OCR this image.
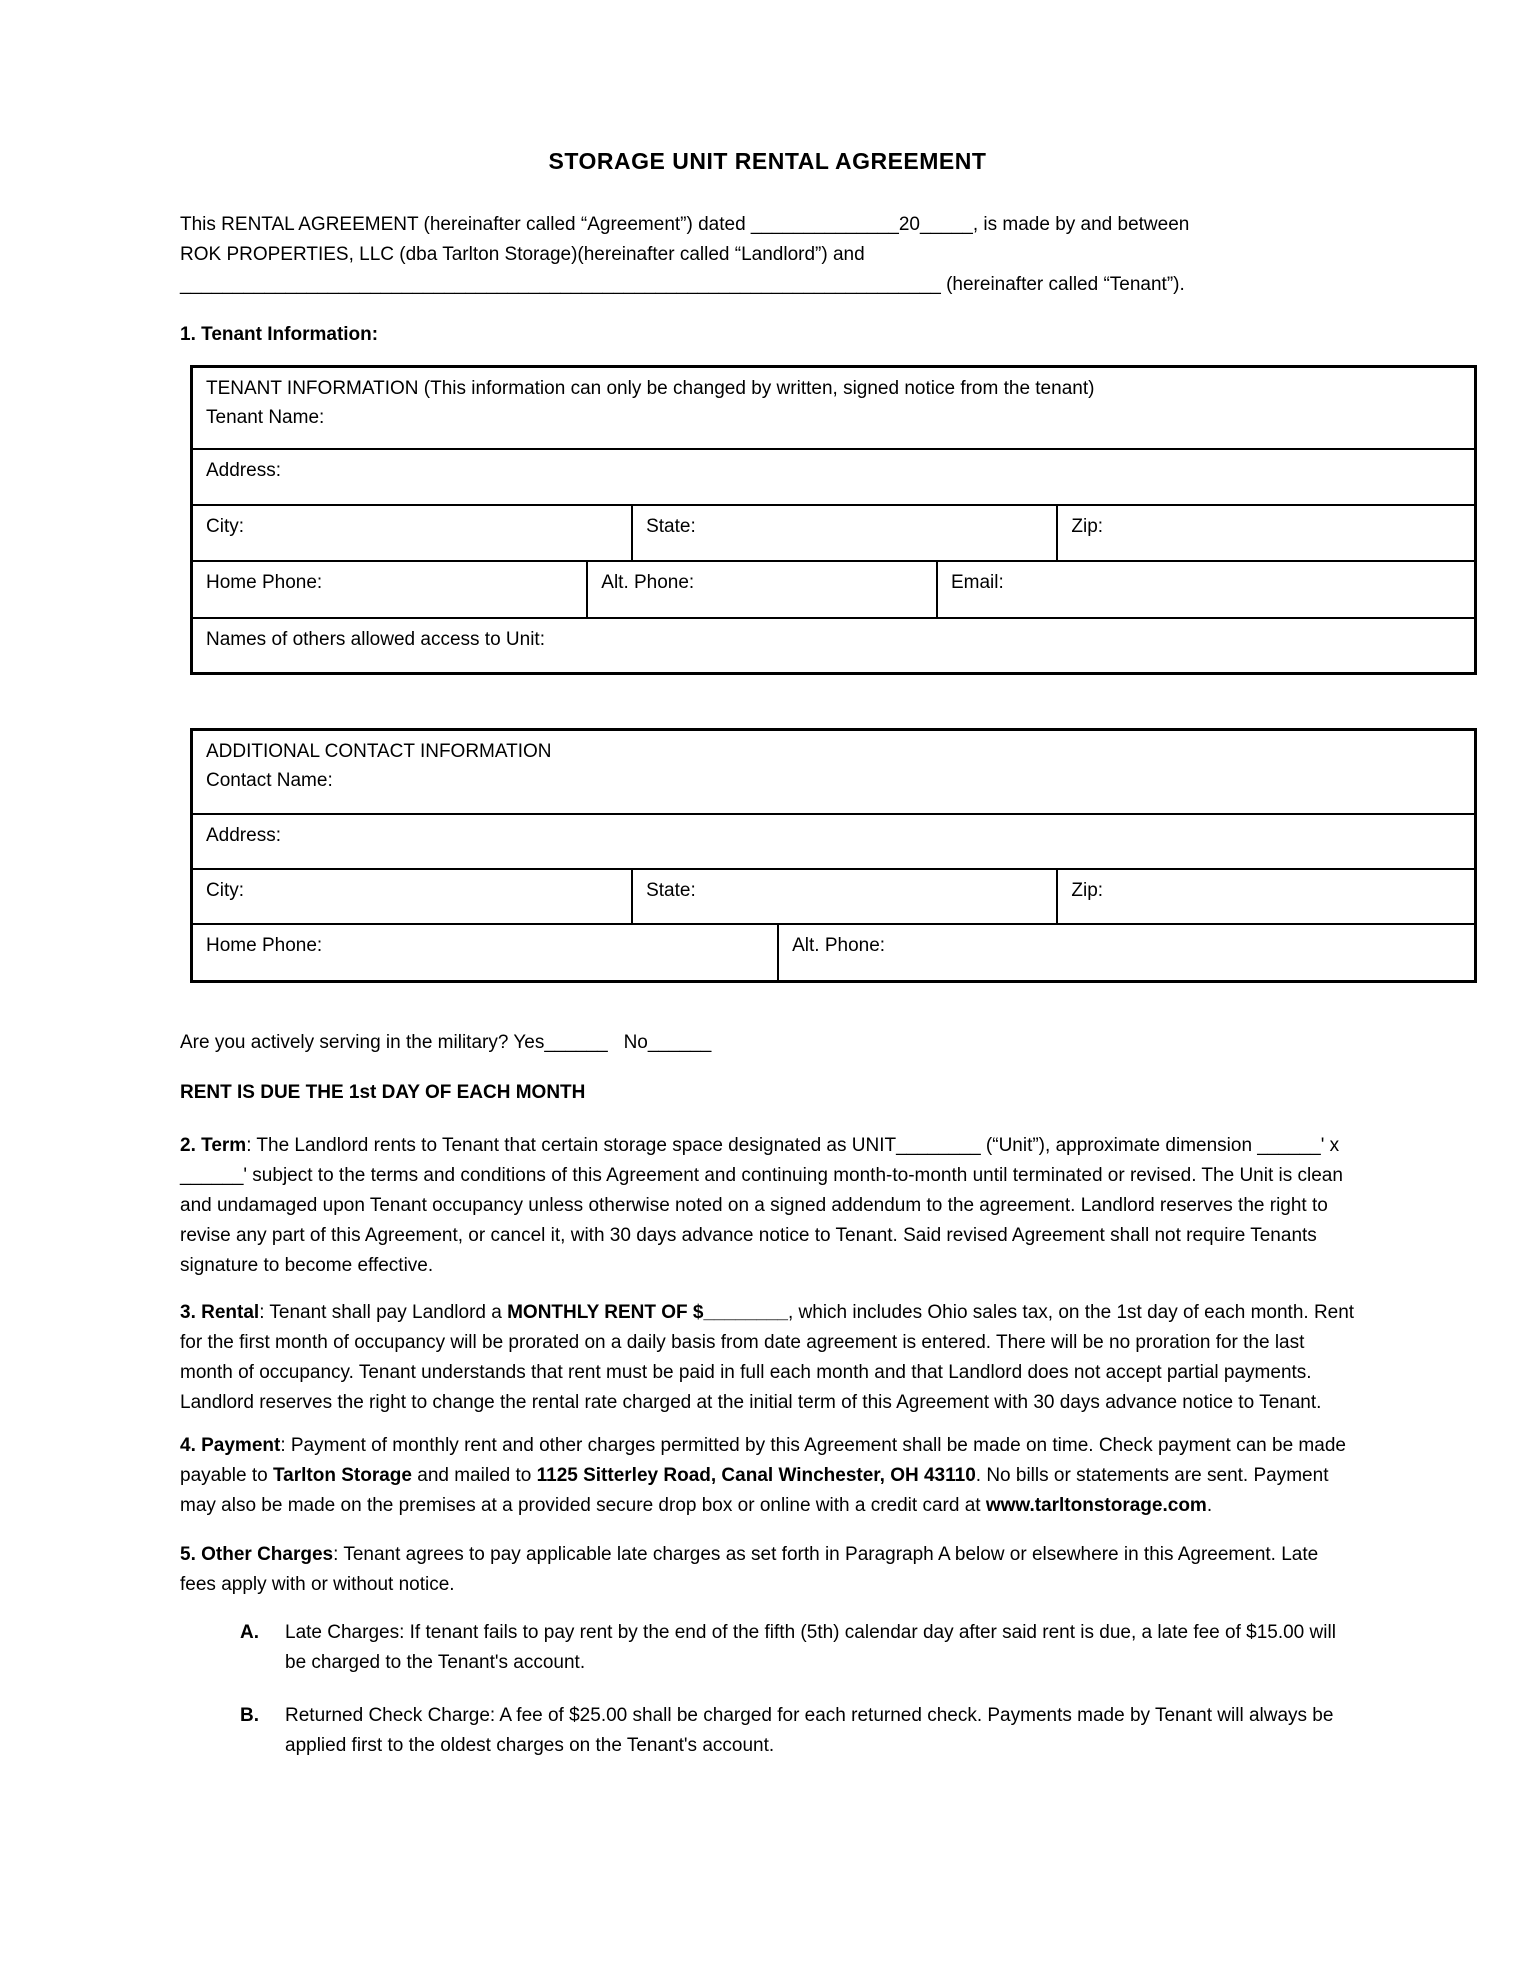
STORAGE UNIT RENTAL AGREEMENT
This RENTAL AGREEMENT (hereinafter called “Agreement”) dated ______________20_____, is made by and between
ROK PROPERTIES, LLC (dba Tarlton Storage)(hereinafter called “Landlord”) and
________________________________________________________________________ (hereinafter called “Tenant”).
1. Tenant Information:
TENANT INFORMATION (This information can only be changed by written, signed notice from the tenant)
Tenant Name:
Address:
City:	State:	Zip:
Home Phone:	Alt. Phone:	Email:
Names of others allowed access to Unit:
ADDITIONAL CONTACT INFORMATION
Contact Name:
Address:
City:	State:	Zip:
Home Phone:	Alt. Phone:
Are you actively serving in the military? Yes______   No______
RENT IS DUE THE 1st DAY OF EACH MONTH
2. Term: The Landlord rents to Tenant that certain storage space designated as UNIT________ (“Unit”), approximate dimension ______' x ______' subject to the terms and conditions of this Agreement and continuing month-to-month until terminated or revised. The Unit is clean and undamaged upon Tenant occupancy unless otherwise noted on a signed addendum to the agreement. Landlord reserves the right to revise any part of this Agreement, or cancel it, with 30 days advance notice to Tenant. Said revised Agreement shall not require Tenants signature to become effective.
3. Rental: Tenant shall pay Landlord a MONTHLY RENT OF $________, which includes Ohio sales tax, on the 1st day of each month. Rent for the first month of occupancy will be prorated on a daily basis from date agreement is entered. There will be no proration for the last month of occupancy. Tenant understands that rent must be paid in full each month and that Landlord does not accept partial payments. Landlord reserves the right to change the rental rate charged at the initial term of this Agreement with 30 days advance notice to Tenant.
4. Payment: Payment of monthly rent and other charges permitted by this Agreement shall be made on time. Check payment can be made payable to Tarlton Storage and mailed to 1125 Sitterley Road, Canal Winchester, OH 43110. No bills or statements are sent. Payment may also be made on the premises at a provided secure drop box or online with a credit card at www.tarltonstorage.com.
5. Other Charges: Tenant agrees to pay applicable late charges as set forth in Paragraph A below or elsewhere in this Agreement. Late fees apply with or without notice.
A.	Late Charges: If tenant fails to pay rent by the end of the fifth (5th) calendar day after said rent is due, a late fee of $15.00 will be charged to the Tenant's account.
B.	Returned Check Charge: A fee of $25.00 shall be charged for each returned check. Payments made by Tenant will always be applied first to the oldest charges on the Tenant's account.
